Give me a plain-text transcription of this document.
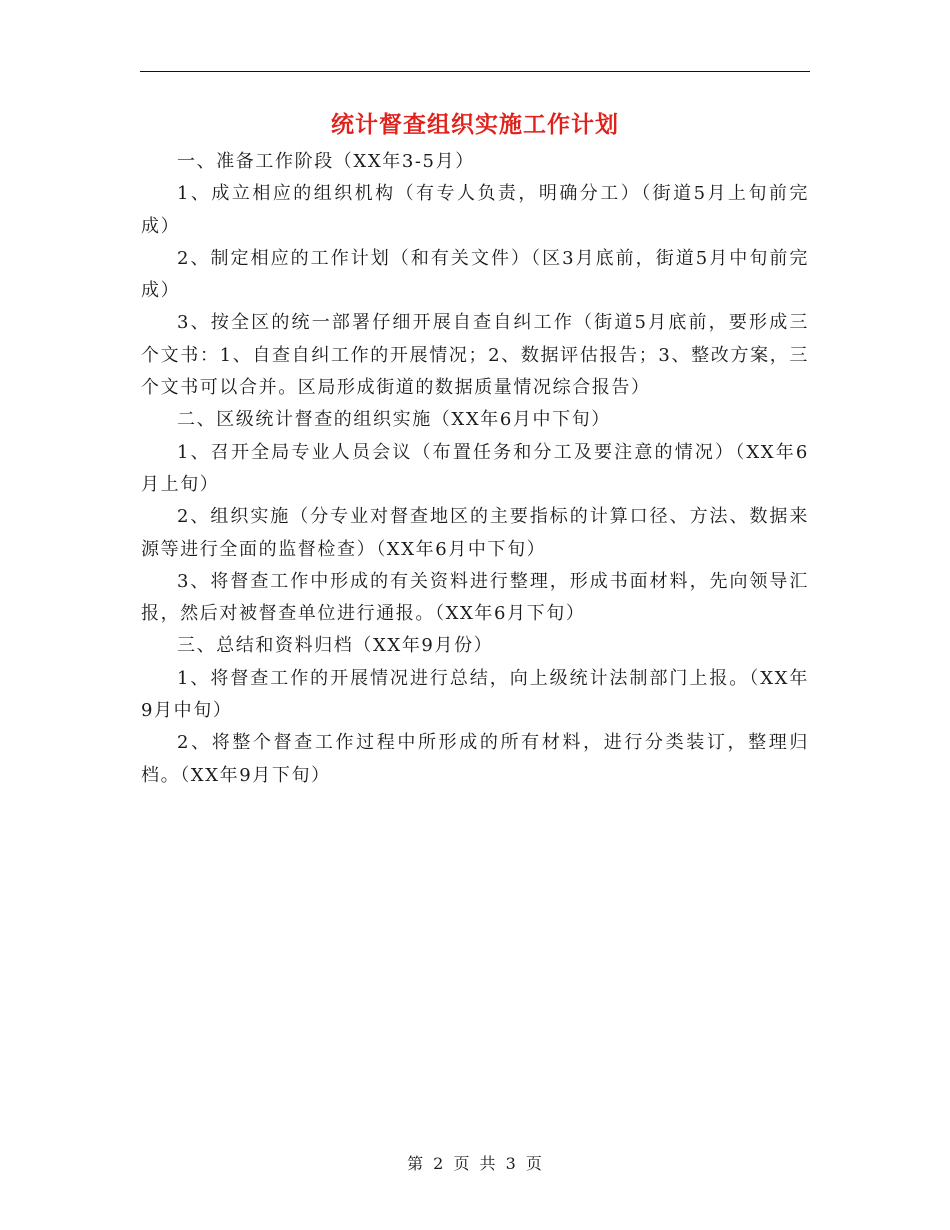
统计督查组织实施工作计划

一、准备工作阶段（XX年3-5月）

1、成立相应的组织机构（有专人负责，明确分工）（街道5月上旬前完成）

2、制定相应的工作计划（和有关文件）（区3月底前，街道5月中旬前完成）

3、按全区的统一部署仔细开展自查自纠工作（街道5月底前，要形成三个文书：1、自查自纠工作的开展情况；2、数据评估报告；3、整改方案，三个文书可以合并。区局形成街道的数据质量情况综合报告）

二、区级统计督查的组织实施（XX年6月中下旬）

1、召开全局专业人员会议（布置任务和分工及要注意的情况）（XX年6月上旬）

2、组织实施（分专业对督查地区的主要指标的计算口径、方法、数据来源等进行全面的监督检查）（XX年6月中下旬）

3、将督查工作中形成的有关资料进行整理，形成书面材料，先向领导汇报，然后对被督查单位进行通报。（XX年6月下旬）

三、总结和资料归档（XX年9月份）

1、将督查工作的开展情况进行总结，向上级统计法制部门上报。（XX年9月中旬）

2、将整个督查工作过程中所形成的所有材料，进行分类装订，整理归档。（XX年9月下旬）

第 2 页 共 3 页
